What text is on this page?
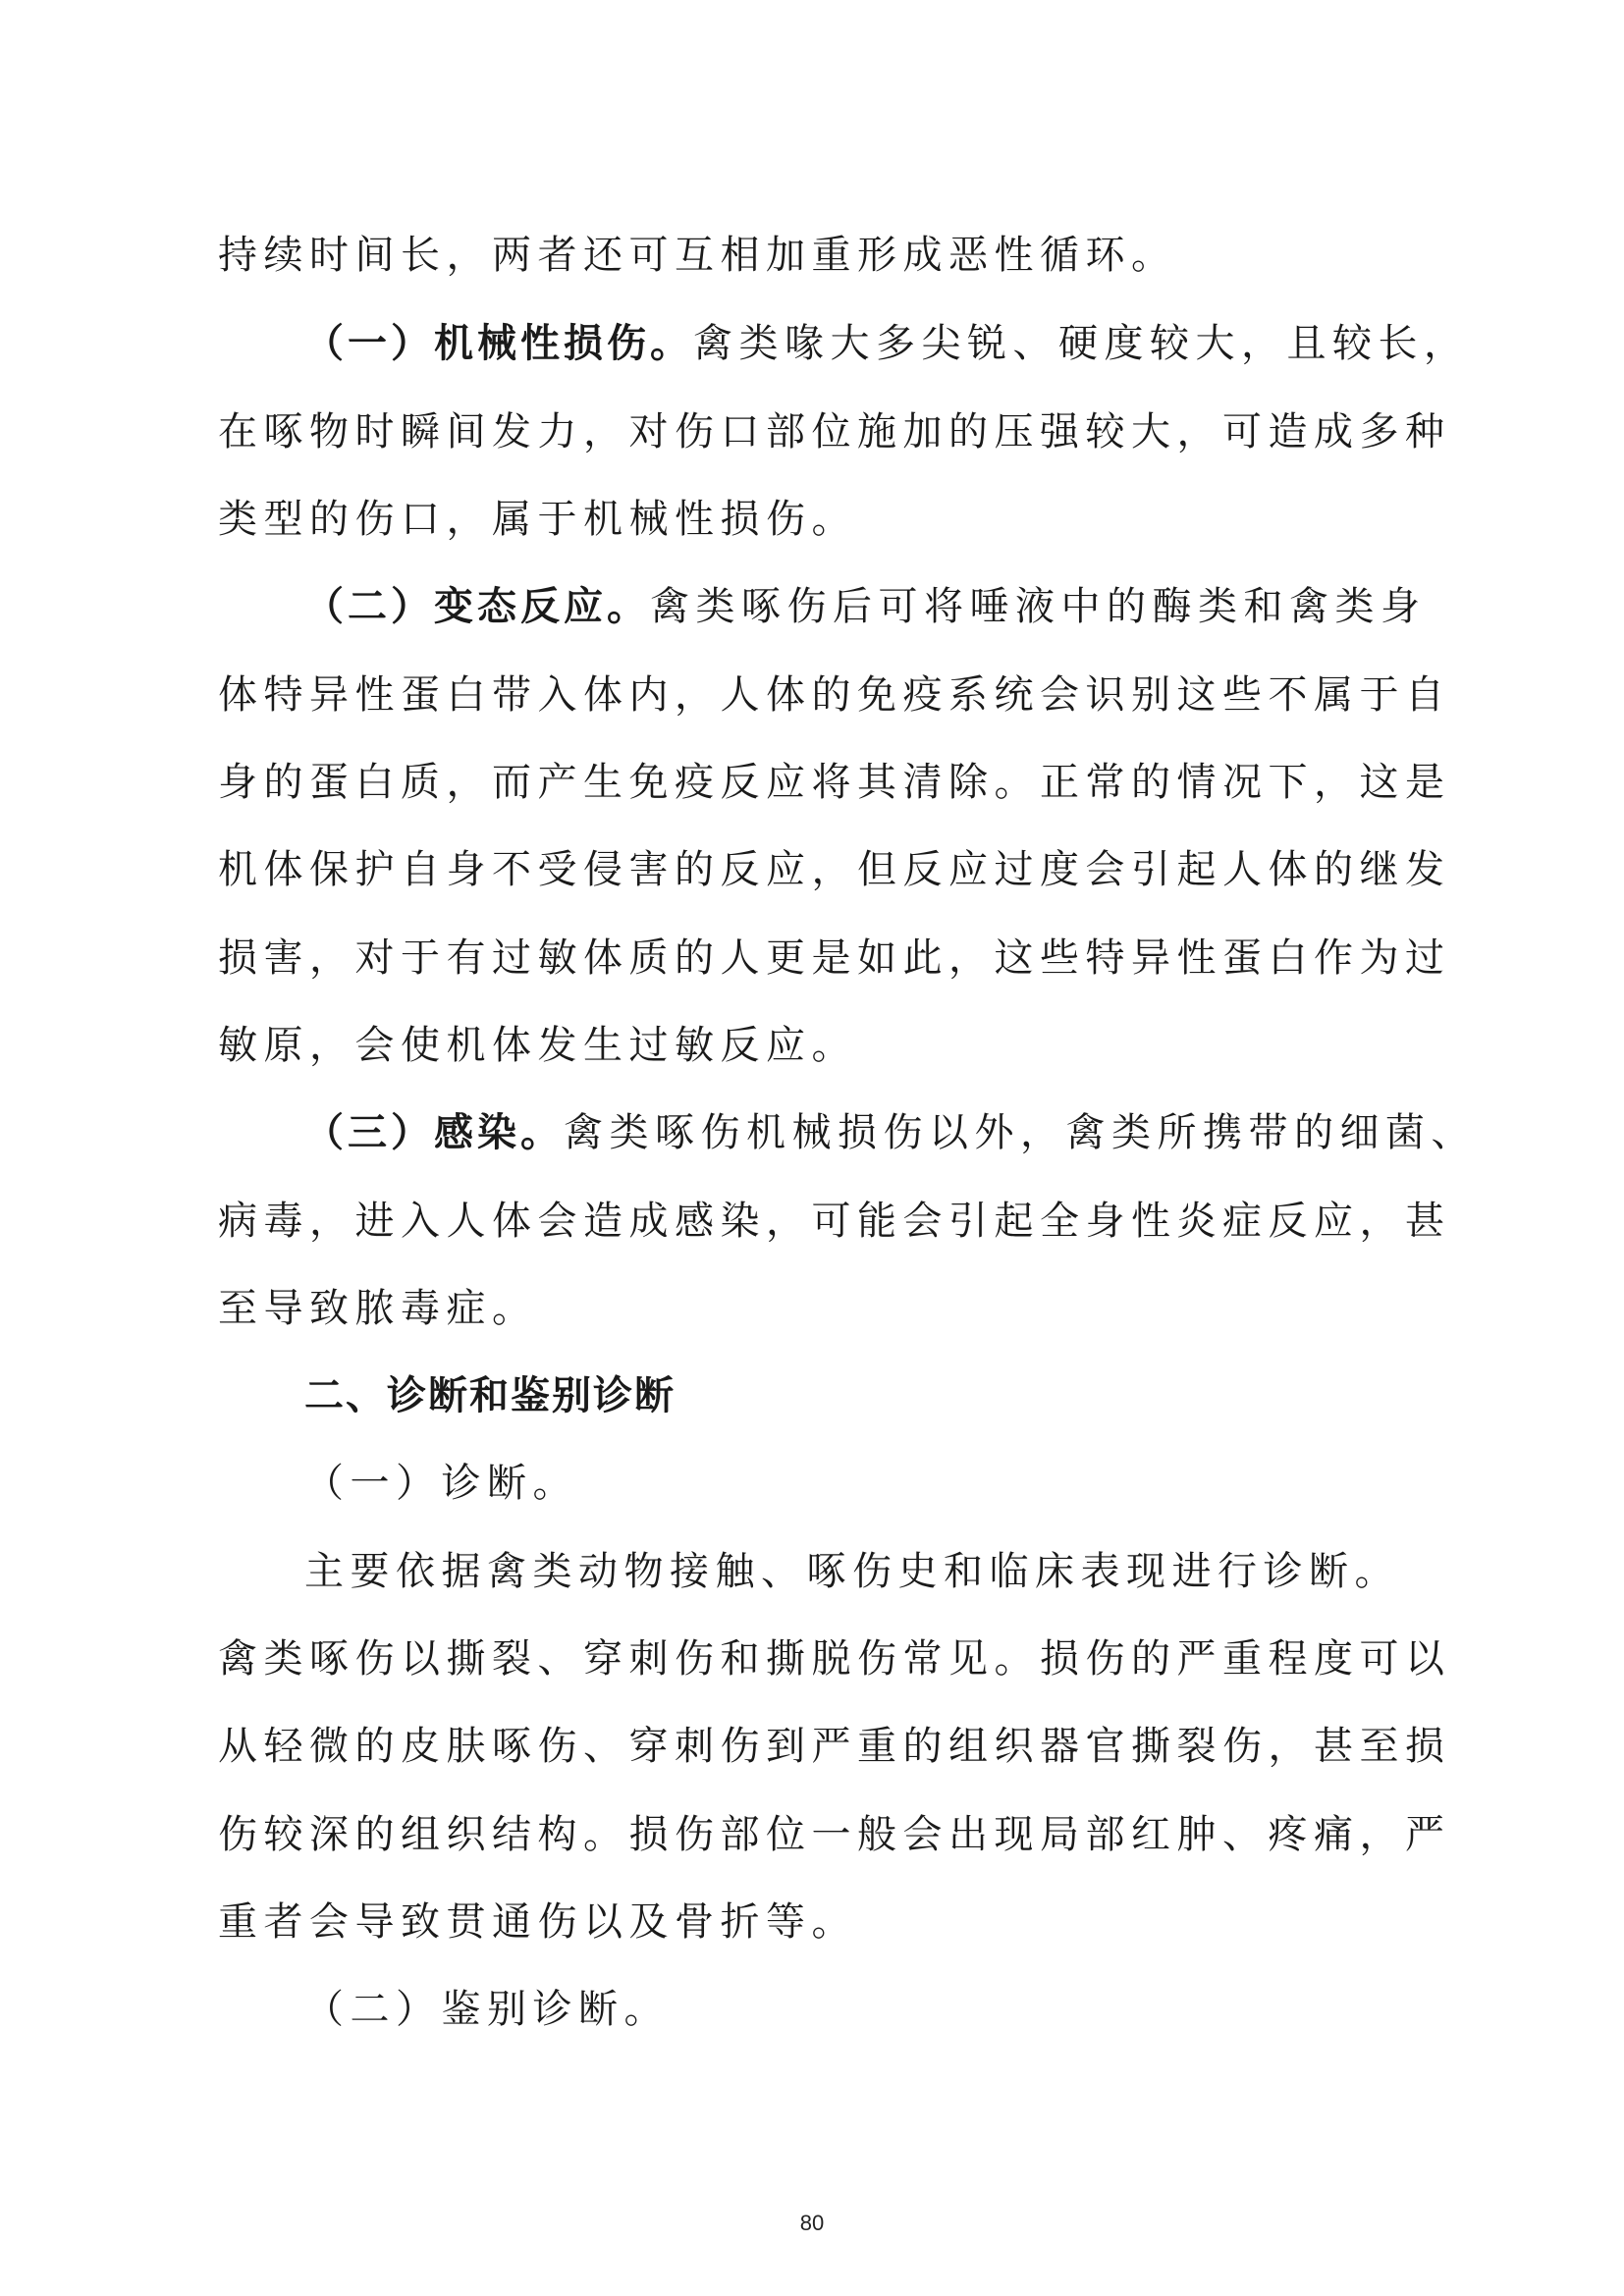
持续时间长，两者还可互相加重形成恶性循环。
（一）机械性损伤。禽类喙大多尖锐、硬度较大，且较长，
在啄物时瞬间发力，对伤口部位施加的压强较大，可造成多种
类型的伤口，属于机械性损伤。
（二）变态反应。禽类啄伤后可将唾液中的酶类和禽类身
体特异性蛋白带入体内，人体的免疫系统会识别这些不属于自
身的蛋白质，而产生免疫反应将其清除。正常的情况下，这是
机体保护自身不受侵害的反应，但反应过度会引起人体的继发
损害，对于有过敏体质的人更是如此，这些特异性蛋白作为过
敏原，会使机体发生过敏反应。
（三）感染。禽类啄伤机械损伤以外，禽类所携带的细菌、
病毒，进入人体会造成感染，可能会引起全身性炎症反应，甚
至导致脓毒症。
二、诊断和鉴别诊断
（一）诊断。
主要依据禽类动物接触、啄伤史和临床表现进行诊断。
禽类啄伤以撕裂、穿刺伤和撕脱伤常见。损伤的严重程度可以
从轻微的皮肤啄伤、穿刺伤到严重的组织器官撕裂伤，甚至损
伤较深的组织结构。损伤部位一般会出现局部红肿、疼痛，严
重者会导致贯通伤以及骨折等。
（二）鉴别诊断。
80
